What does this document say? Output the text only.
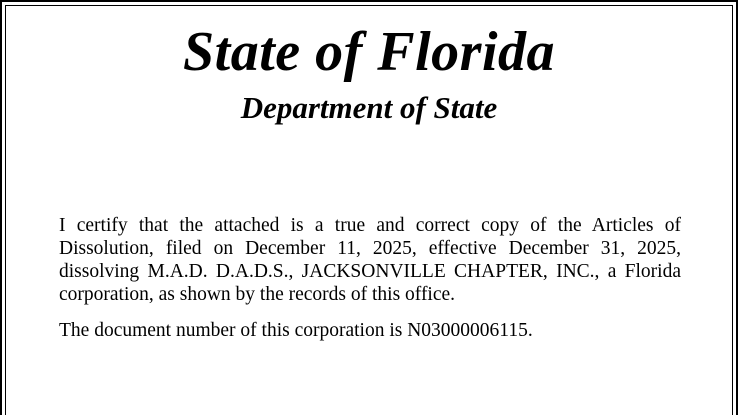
State of Florida
Department of State

I certify that the attached is a true and correct copy of the Articles of Dissolution, filed on December 11, 2025, effective December 31, 2025, dissolving M.A.D. D.A.D.S., JACKSONVILLE CHAPTER, INC., a Florida corporation, as shown by the records of this office.

The document number of this corporation is N03000006115.
